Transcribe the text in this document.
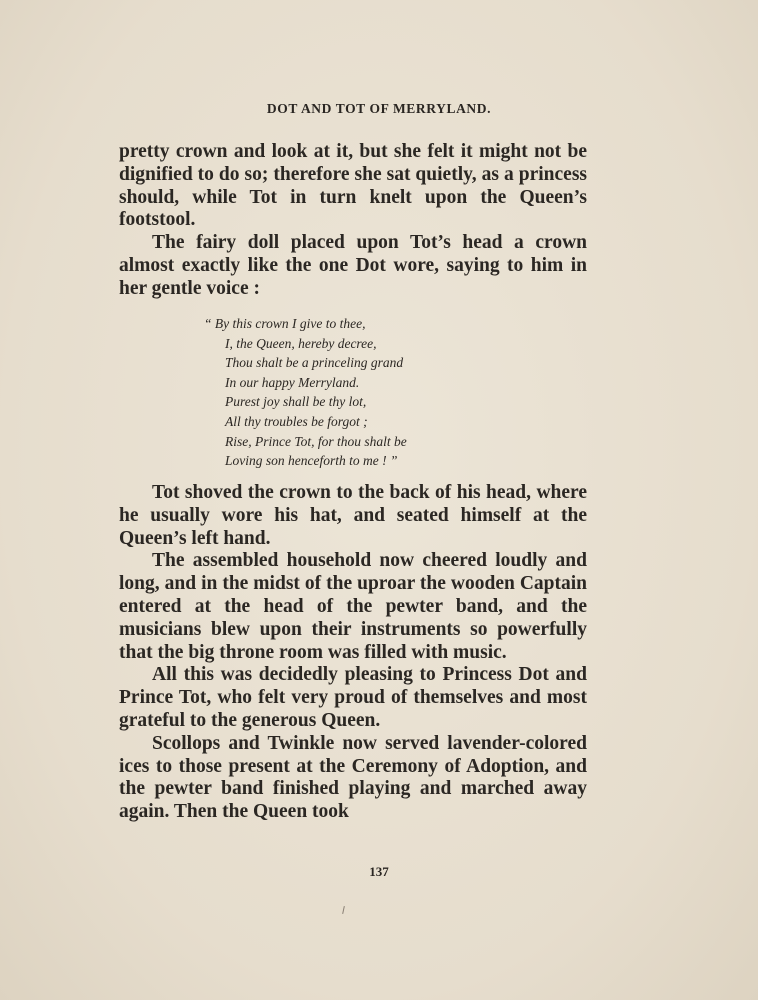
DOT AND TOT OF MERRYLAND.

pretty crown and look at it, but she felt it might not be dignified to do so; therefore she sat quietly, as a princess should, while Tot in turn knelt upon the Queen’s footstool.

The fairy doll placed upon Tot’s head a crown almost exactly like the one Dot wore, saying to him in her gentle voice :

“ By this crown I give to thee,
I, the Queen, hereby decree,
Thou shalt be a princeling grand
In our happy Merryland.
Purest joy shall be thy lot,
All thy troubles be forgot ;
Rise, Prince Tot, for thou shalt be
Loving son henceforth to me ! ”

Tot shoved the crown to the back of his head, where he usually wore his hat, and seated himself at the Queen’s left hand.

The assembled household now cheered loudly and long, and in the midst of the uproar the wooden Captain entered at the head of the pewter band, and the musicians blew upon their instruments so powerfully that the big throne room was filled with music.

All this was decidedly pleasing to Princess Dot and Prince Tot, who felt very proud of themselves and most grateful to the generous Queen.

Scollops and Twinkle now served lavender-colored ices to those present at the Ceremony of Adoption, and the pewter band finished playing and marched away again. Then the Queen took

137
